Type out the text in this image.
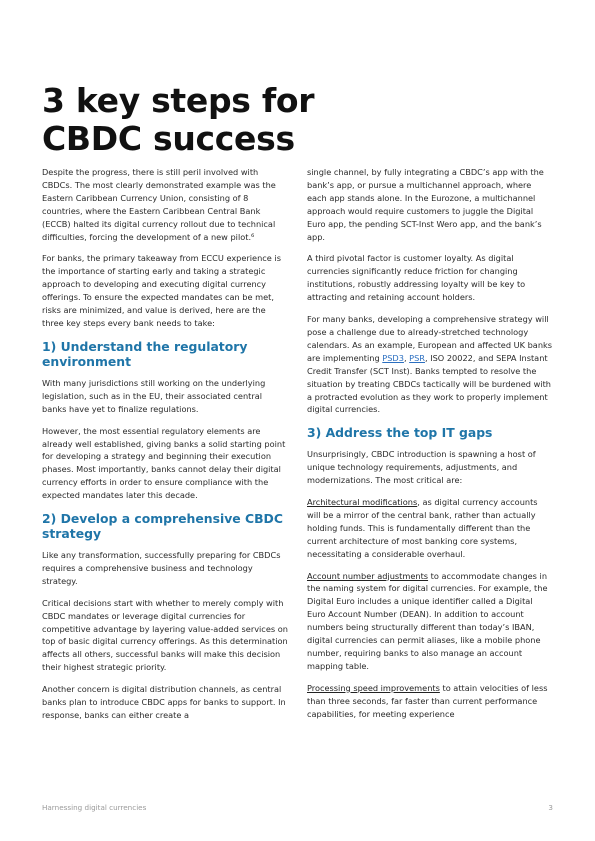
3 key steps for CBDC success

Despite the progress, there is still peril involved with CBDCs. The most clearly demonstrated example was the Eastern Caribbean Currency Union, consisting of 8 countries, where the Eastern Caribbean Central Bank (ECCB) halted its digital currency rollout due to technical difficulties, forcing the development of a new pilot.⁶

For banks, the primary takeaway from ECCU experience is the importance of starting early and taking a strategic approach to developing and executing digital currency offerings. To ensure the expected mandates can be met, risks are minimized, and value is derived, here are the three key steps every bank needs to take:

1) Understand the regulatory environment

With many jurisdictions still working on the underlying legislation, such as in the EU, their associated central banks have yet to finalize regulations.

However, the most essential regulatory elements are already well established, giving banks a solid starting point for developing a strategy and beginning their execution phases. Most importantly, banks cannot delay their digital currency efforts in order to ensure compliance with the expected mandates later this decade.

2) Develop a comprehensive CBDC strategy

Like any transformation, successfully preparing for CBDCs requires a comprehensive business and technology strategy.

Critical decisions start with whether to merely comply with CBDC mandates or leverage digital currencies for competitive advantage by layering value-added services on top of basic digital currency offerings. As this determination affects all others, successful banks will make this decision their highest strategic priority.

Another concern is digital distribution channels, as central banks plan to introduce CBDC apps for banks to support. In response, banks can either create a

single channel, by fully integrating a CBDC’s app with the bank’s app, or pursue a multichannel approach, where each app stands alone. In the Eurozone, a multichannel approach would require customers to juggle the Digital Euro app, the pending SCT-Inst Wero app, and the bank’s app.

A third pivotal factor is customer loyalty. As digital currencies significantly reduce friction for changing institutions, robustly addressing loyalty will be key to attracting and retaining account holders.

For many banks, developing a comprehensive strategy will pose a challenge due to already-stretched technology calendars. As an example, European and affected UK banks are implementing PSD3, PSR, ISO 20022, and SEPA Instant Credit Transfer (SCT Inst). Banks tempted to resolve the situation by treating CBDCs tactically will be burdened with a protracted evolution as they work to properly implement digital currencies.

3) Address the top IT gaps

Unsurprisingly, CBDC introduction is spawning a host of unique technology requirements, adjustments, and modernizations. The most critical are:

Architectural modifications, as digital currency accounts will be a mirror of the central bank, rather than actually holding funds. This is fundamentally different than the current architecture of most banking core systems, necessitating a considerable overhaul.

Account number adjustments to accommodate changes in the naming system for digital currencies. For example, the Digital Euro includes a unique identifier called a Digital Euro Account Number (DEAN). In addition to account numbers being structurally different than today’s IBAN, digital currencies can permit aliases, like a mobile phone number, requiring banks to also manage an account mapping table.

Processing speed improvements to attain velocities of less than three seconds, far faster than current performance capabilities, for meeting experience

Harnessing digital currencies	3
